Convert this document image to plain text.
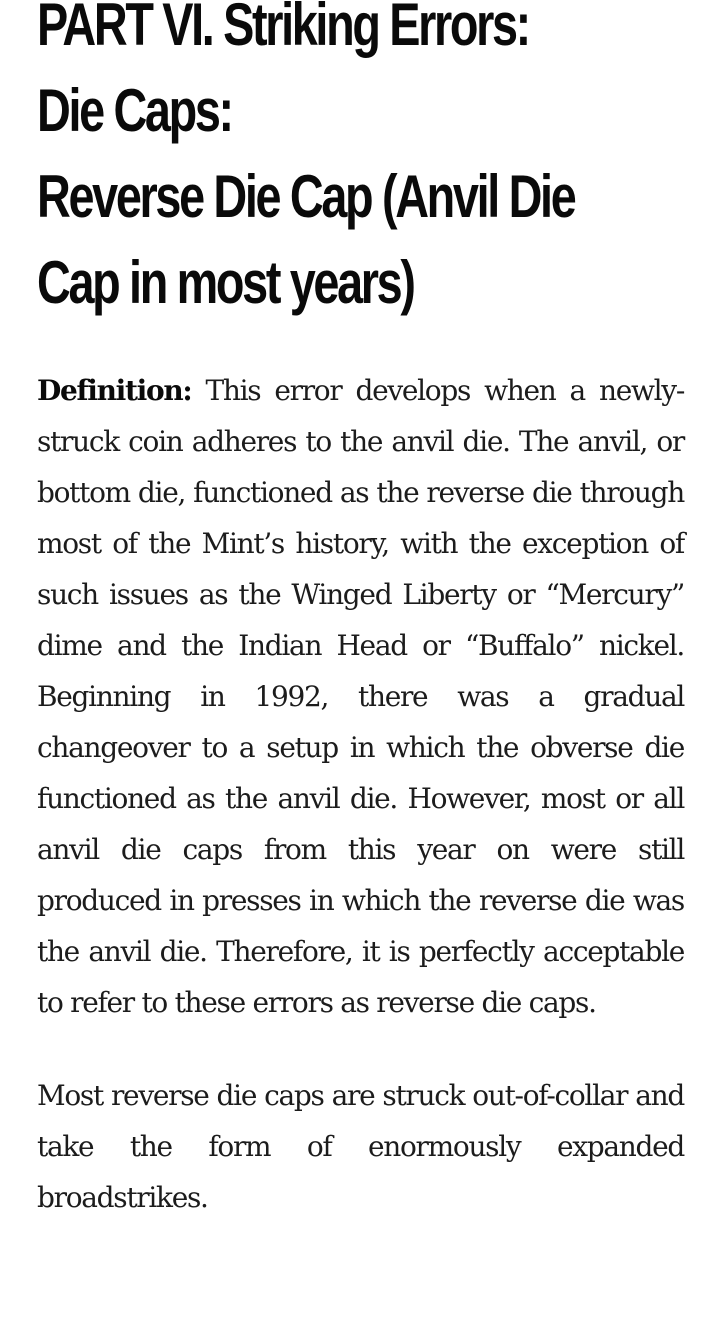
PART VI. Striking Errors:
Die Caps:
Reverse Die Cap (Anvil Die
Cap in most years)

Definition: This error develops when a newly-struck coin adheres to the anvil die. The anvil, or bottom die, functioned as the reverse die through most of the Mint’s history, with the exception of such issues as the Winged Liberty or “Mercury” dime and the Indian Head or “Buffalo” nickel. Beginning in 1992, there was a gradual changeover to a setup in which the obverse die functioned as the anvil die. However, most or all anvil die caps from this year on were still produced in presses in which the reverse die was the anvil die. Therefore, it is perfectly acceptable to refer to these errors as reverse die caps.

Most reverse die caps are struck out-of-collar and take the form of enormously expanded broadstrikes.
